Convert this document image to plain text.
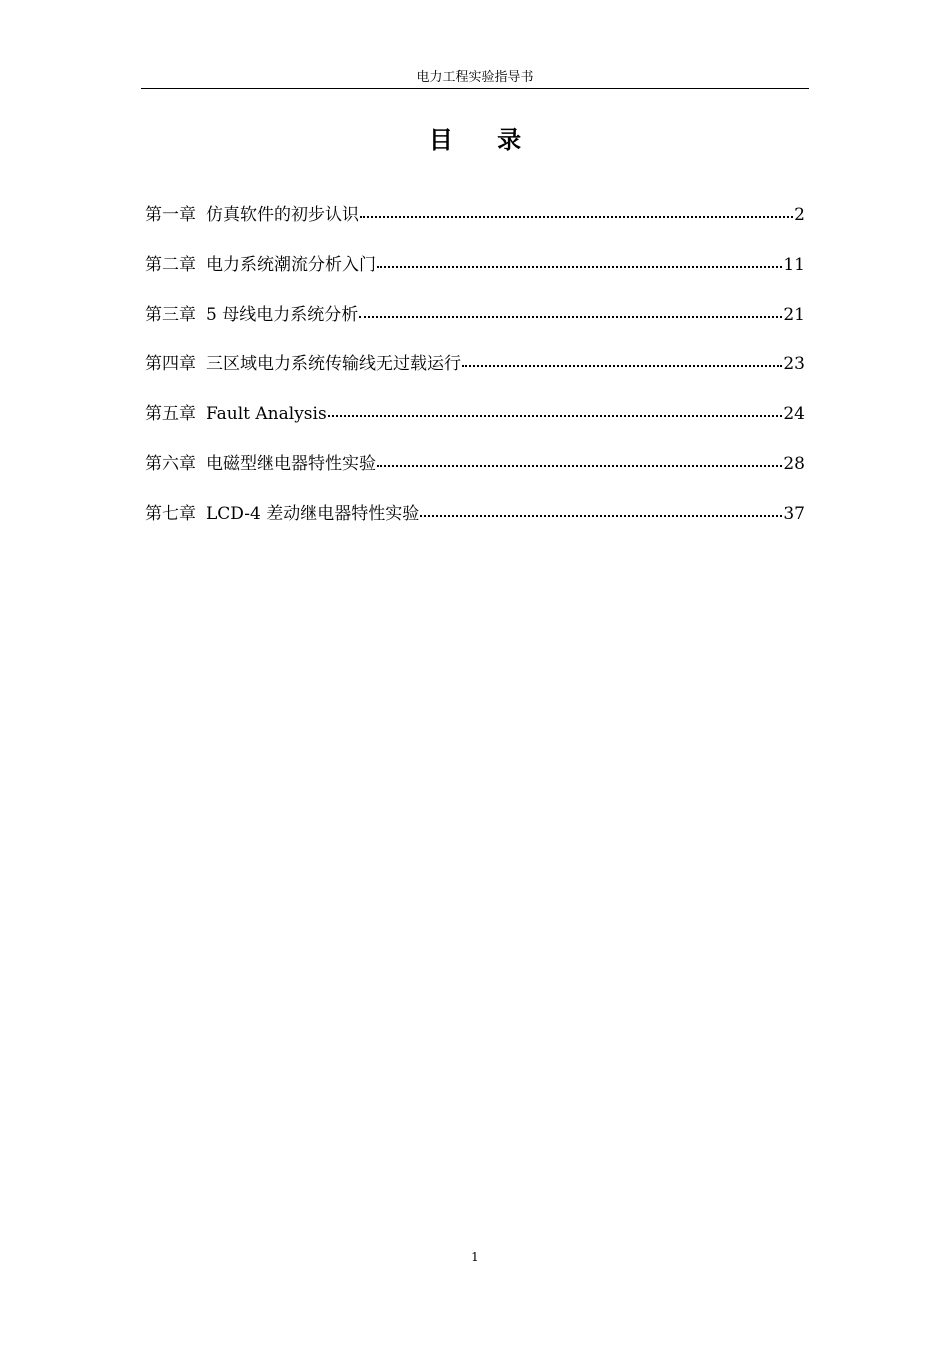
电力工程实验指导书
目 录
第一章 仿真软件的初步认识	2
第二章 电力系统潮流分析入门	11
第三章 5 母线电力系统分析	21
第四章 三区域电力系统传输线无过载运行	23
第五章 Fault Analysis	24
第六章 电磁型继电器特性实验	28
第七章 LCD-4 差动继电器特性实验	37
1
